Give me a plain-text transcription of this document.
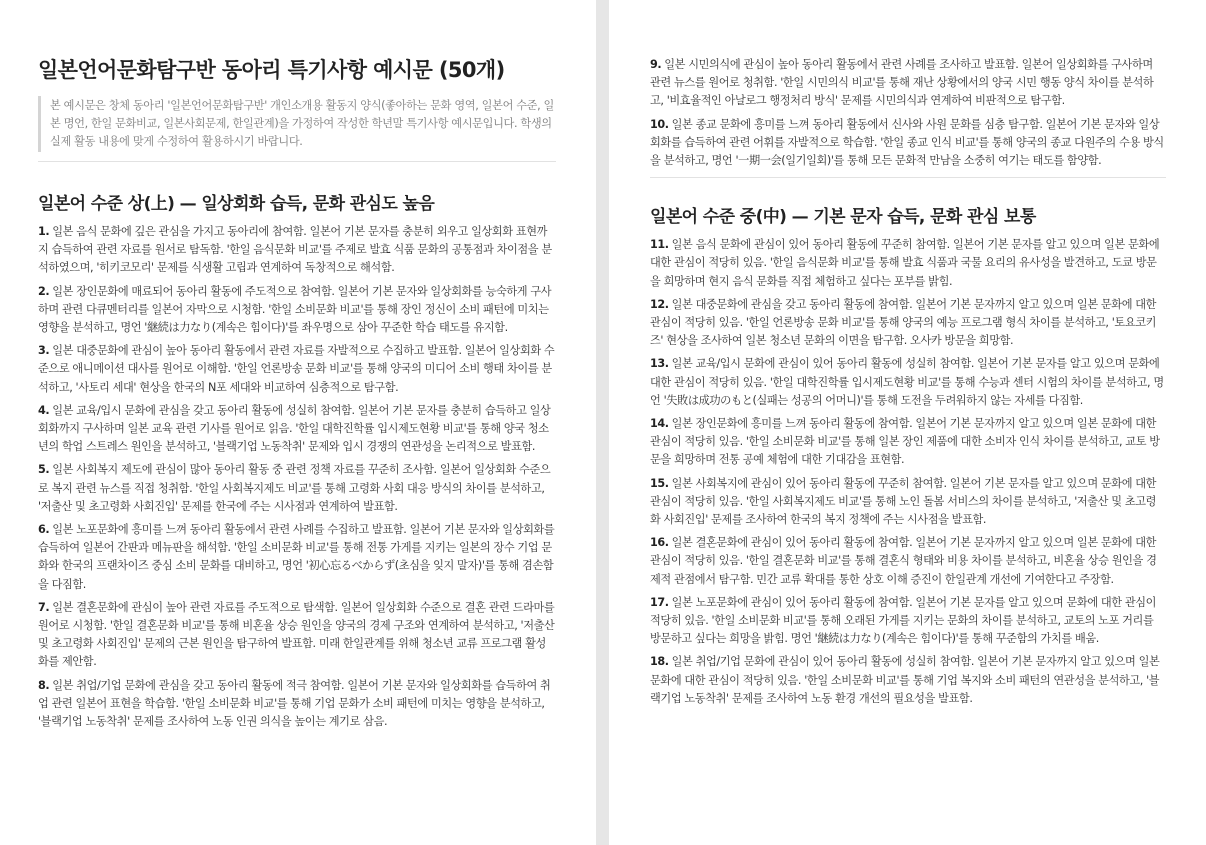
일본언어문화탐구반 동아리 특기사항 예시문 (50개)
본 예시문은 창체 동아리 '일본언어문화탐구반' 개인소개용 활동지 양식(좋아하는 문화 영역, 일본어 수준, 일본 명언, 한일 문화비교, 일본사회문제, 한일관계)을 가정하여 작성한 학년말 특기사항 예시문입니다. 학생의 실제 활동 내용에 맞게 수정하여 활용하시기 바랍니다.
일본어 수준 상(上) — 일상회화 습득, 문화 관심도 높음
1. 일본 음식 문화에 깊은 관심을 가지고 동아리에 참여함. 일본어 기본 문자를 충분히 외우고 일상회화 표현까지 습득하여 관련 자료를 원서로 탐독함. '한일 음식문화 비교'를 주제로 발효 식품 문화의 공통점과 차이점을 분석하였으며, '히키코모리' 문제를 식생활 고립과 연계하여 독창적으로 해석함.
2. 일본 장인문화에 매료되어 동아리 활동에 주도적으로 참여함. 일본어 기본 문자와 일상회화를 능숙하게 구사하며 관련 다큐멘터리를 일본어 자막으로 시청함. '한일 소비문화 비교'를 통해 장인 정신이 소비 패턴에 미치는 영향을 분석하고, 명언 '継続は力なり(계속은 힘이다)'를 좌우명으로 삼아 꾸준한 학습 태도를 유지함.
3. 일본 대중문화에 관심이 높아 동아리 활동에서 관련 자료를 자발적으로 수집하고 발표함. 일본어 일상회화 수준으로 애니메이션 대사를 원어로 이해함. '한일 언론방송 문화 비교'를 통해 양국의 미디어 소비 행태 차이를 분석하고, '사토리 세대' 현상을 한국의 N포 세대와 비교하여 심층적으로 탐구함.
4. 일본 교육/입시 문화에 관심을 갖고 동아리 활동에 성실히 참여함. 일본어 기본 문자를 충분히 습득하고 일상회화까지 구사하며 일본 교육 관련 기사를 원어로 읽음. '한일 대학진학률 입시제도현황 비교'를 통해 양국 청소년의 학업 스트레스 원인을 분석하고, '블랙기업 노동착취' 문제와 입시 경쟁의 연관성을 논리적으로 발표함.
5. 일본 사회복지 제도에 관심이 많아 동아리 활동 중 관련 정책 자료를 꾸준히 조사함. 일본어 일상회화 수준으로 복지 관련 뉴스를 직접 청취함. '한일 사회복지제도 비교'를 통해 고령화 사회 대응 방식의 차이를 분석하고, '저출산 및 초고령화 사회진입' 문제를 한국에 주는 시사점과 연계하여 발표함.
6. 일본 노포문화에 흥미를 느껴 동아리 활동에서 관련 사례를 수집하고 발표함. 일본어 기본 문자와 일상회화를 습득하여 일본어 간판과 메뉴판을 해석함. '한일 소비문화 비교'를 통해 전통 가게를 지키는 일본의 장수 기업 문화와 한국의 프랜차이즈 중심 소비 문화를 대비하고, 명언 '初心忘るべからず(초심을 잊지 말자)'를 통해 겸손함을 다짐함.
7. 일본 결혼문화에 관심이 높아 관련 자료를 주도적으로 탐색함. 일본어 일상회화 수준으로 결혼 관련 드라마를 원어로 시청함. '한일 결혼문화 비교'를 통해 비혼율 상승 원인을 양국의 경제 구조와 연계하여 분석하고, '저출산 및 초고령화 사회진입' 문제의 근본 원인을 탐구하여 발표함. 미래 한일관계를 위해 청소년 교류 프로그램 활성화를 제안함.
8. 일본 취업/기업 문화에 관심을 갖고 동아리 활동에 적극 참여함. 일본어 기본 문자와 일상회화를 습득하여 취업 관련 일본어 표현을 학습함. '한일 소비문화 비교'를 통해 기업 문화가 소비 패턴에 미치는 영향을 분석하고, '블랙기업 노동착취' 문제를 조사하여 노동 인권 의식을 높이는 계기로 삼음.
9. 일본 시민의식에 관심이 높아 동아리 활동에서 관련 사례를 조사하고 발표함. 일본어 일상회화를 구사하며 관련 뉴스를 원어로 청취함. '한일 시민의식 비교'를 통해 재난 상황에서의 양국 시민 행동 양식 차이를 분석하고, '비효율적인 아날로그 행정처리 방식' 문제를 시민의식과 연계하여 비판적으로 탐구함.
10. 일본 종교 문화에 흥미를 느껴 동아리 활동에서 신사와 사원 문화를 심층 탐구함. 일본어 기본 문자와 일상회화를 습득하여 관련 어휘를 자발적으로 학습함. '한일 종교 인식 비교'를 통해 양국의 종교 다원주의 수용 방식을 분석하고, 명언 '一期一会(일기일회)'를 통해 모든 문화적 만남을 소중히 여기는 태도를 함양함.
일본어 수준 중(中) — 기본 문자 습득, 문화 관심 보통
11. 일본 음식 문화에 관심이 있어 동아리 활동에 꾸준히 참여함. 일본어 기본 문자를 알고 있으며 일본 문화에 대한 관심이 적당히 있음. '한일 음식문화 비교'를 통해 발효 식품과 국물 요리의 유사성을 발견하고, 도쿄 방문을 희망하며 현지 음식 문화를 직접 체험하고 싶다는 포부를 밝힘.
12. 일본 대중문화에 관심을 갖고 동아리 활동에 참여함. 일본어 기본 문자까지 알고 있으며 일본 문화에 대한 관심이 적당히 있음. '한일 언론방송 문화 비교'를 통해 양국의 예능 프로그램 형식 차이를 분석하고, '토요코키즈' 현상을 조사하여 일본 청소년 문화의 이면을 탐구함. 오사카 방문을 희망함.
13. 일본 교육/입시 문화에 관심이 있어 동아리 활동에 성실히 참여함. 일본어 기본 문자를 알고 있으며 문화에 대한 관심이 적당히 있음. '한일 대학진학률 입시제도현황 비교'를 통해 수능과 센터 시험의 차이를 분석하고, 명언 '失敗は成功のもと(실패는 성공의 어머니)'를 통해 도전을 두려워하지 않는 자세를 다짐함.
14. 일본 장인문화에 흥미를 느껴 동아리 활동에 참여함. 일본어 기본 문자까지 알고 있으며 일본 문화에 대한 관심이 적당히 있음. '한일 소비문화 비교'를 통해 일본 장인 제품에 대한 소비자 인식 차이를 분석하고, 교토 방문을 희망하며 전통 공예 체험에 대한 기대감을 표현함.
15. 일본 사회복지에 관심이 있어 동아리 활동에 꾸준히 참여함. 일본어 기본 문자를 알고 있으며 문화에 대한 관심이 적당히 있음. '한일 사회복지제도 비교'를 통해 노인 돌봄 서비스의 차이를 분석하고, '저출산 및 초고령화 사회진입' 문제를 조사하여 한국의 복지 정책에 주는 시사점을 발표함.
16. 일본 결혼문화에 관심이 있어 동아리 활동에 참여함. 일본어 기본 문자까지 알고 있으며 일본 문화에 대한 관심이 적당히 있음. '한일 결혼문화 비교'를 통해 결혼식 형태와 비용 차이를 분석하고, 비혼율 상승 원인을 경제적 관점에서 탐구함. 민간 교류 확대를 통한 상호 이해 증진이 한일관계 개선에 기여한다고 주장함.
17. 일본 노포문화에 관심이 있어 동아리 활동에 참여함. 일본어 기본 문자를 알고 있으며 문화에 대한 관심이 적당히 있음. '한일 소비문화 비교'를 통해 오래된 가게를 지키는 문화의 차이를 분석하고, 교토의 노포 거리를 방문하고 싶다는 희망을 밝힘. 명언 '継続は力なり(계속은 힘이다)'를 통해 꾸준함의 가치를 배움.
18. 일본 취업/기업 문화에 관심이 있어 동아리 활동에 성실히 참여함. 일본어 기본 문자까지 알고 있으며 일본 문화에 대한 관심이 적당히 있음. '한일 소비문화 비교'를 통해 기업 복지와 소비 패턴의 연관성을 분석하고, '블랙기업 노동착취' 문제를 조사하여 노동 환경 개선의 필요성을 발표함.
